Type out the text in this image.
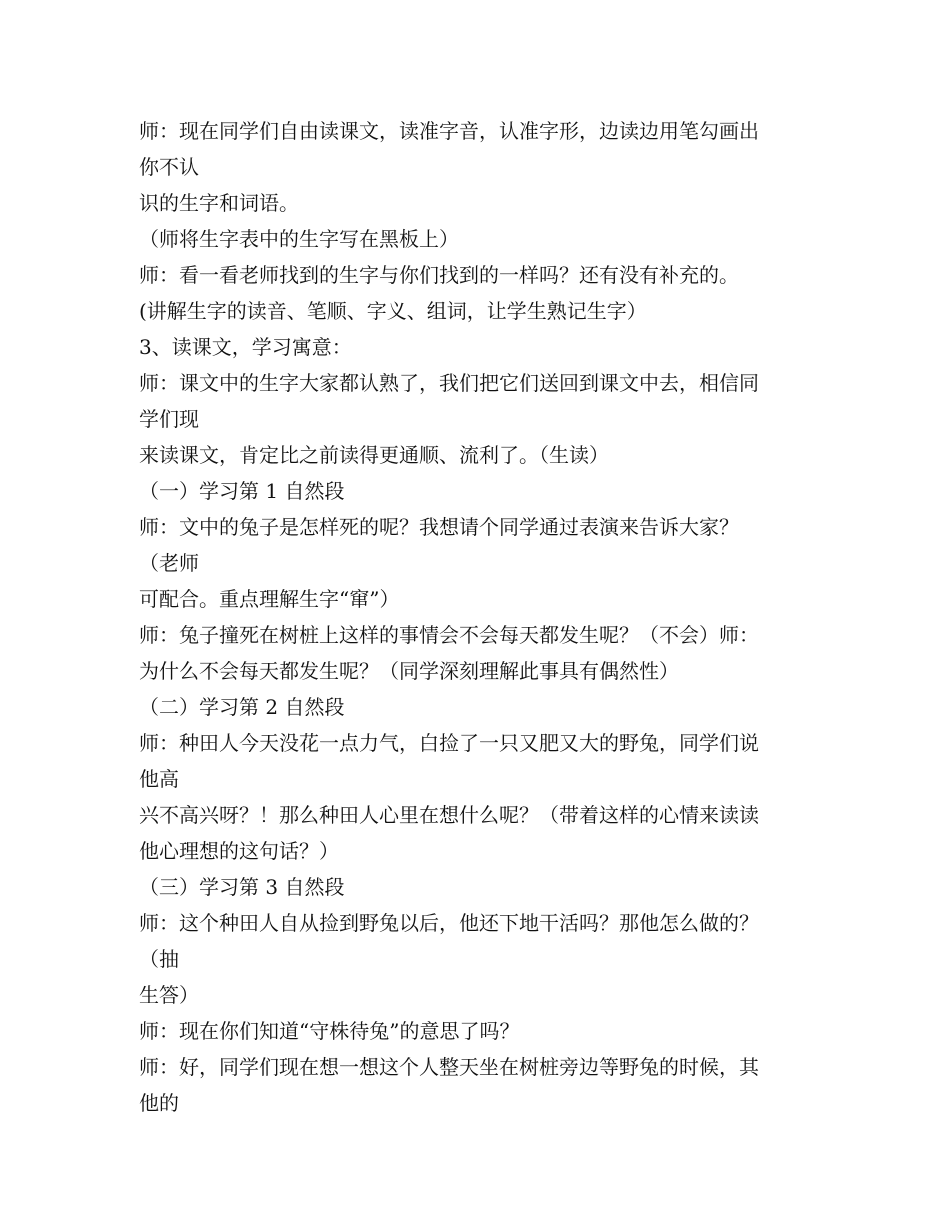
师：现在同学们自由读课文，读准字音，认准字形，边读边用笔勾画出
你不认
识的生字和词语。
（师将生字表中的生字写在黑板上）
师：看一看老师找到的生字与你们找到的一样吗？还有没有补充的。
(讲解生字的读音、笔顺、字义、组词，让学生熟记生字）
3、读课文，学习寓意：
师：课文中的生字大家都认熟了，我们把它们送回到课文中去，相信同
学们现
来读课文，肯定比之前读得更通顺、流利了。（生读）
（一）学习第 1 自然段
师：文中的兔子是怎样死的呢？我想请个同学通过表演来告诉大家？
（老师
可配合。重点理解生字“窜”）
师：兔子撞死在树桩上这样的事情会不会每天都发生呢？（不会）师：
为什么不会每天都发生呢？（同学深刻理解此事具有偶然性）
（二）学习第 2 自然段
师：种田人今天没花一点力气，白捡了一只又肥又大的野兔，同学们说
他高
兴不高兴呀？！那么种田人心里在想什么呢？（带着这样的心情来读读
他心理想的这句话？）
（三）学习第 3 自然段
师：这个种田人自从捡到野兔以后，他还下地干活吗？那他怎么做的？
（抽
生答）
师：现在你们知道“守株待兔”的意思了吗？
师：好，同学们现在想一想这个人整天坐在树桩旁边等野兔的时候，其
他的
